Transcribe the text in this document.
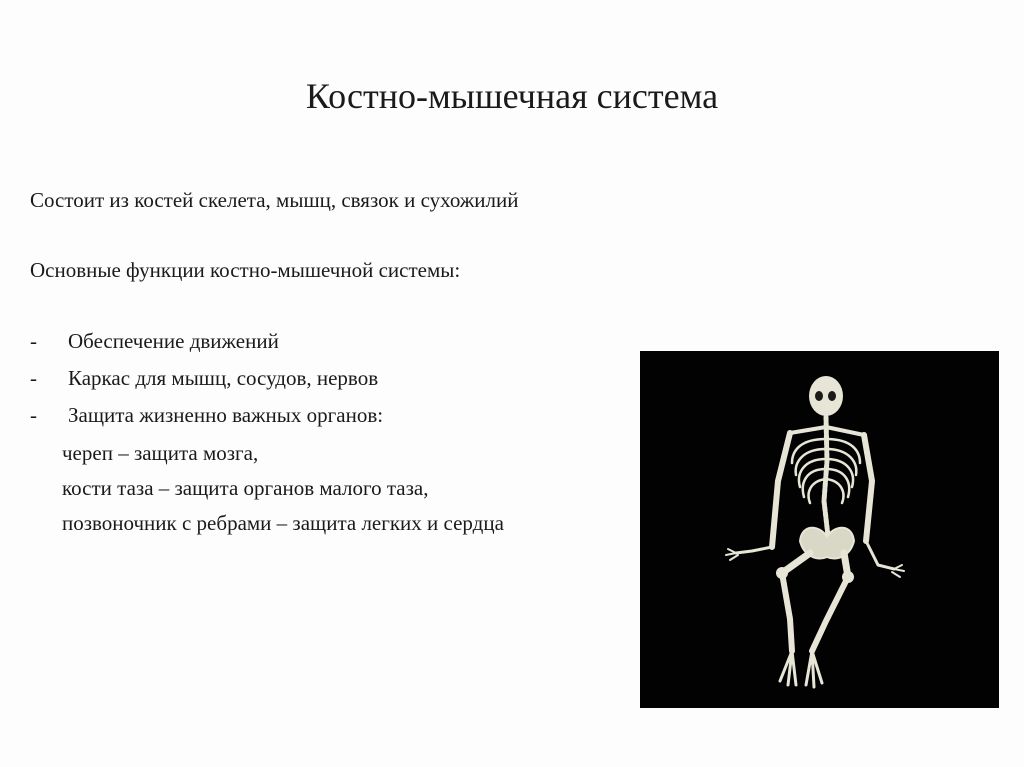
Костно-мышечная система

Состоит из костей скелета, мышц, связок и сухожилий

Основные функции костно-мышечной системы:

-	Обеспечение движений
-	Каркас для мышц, сосудов, нервов
-	Защита жизненно важных органов:

череп – защита мозга,

кости таза – защита органов малого таза,

позвоночник с ребрами – защита легких и сердца
